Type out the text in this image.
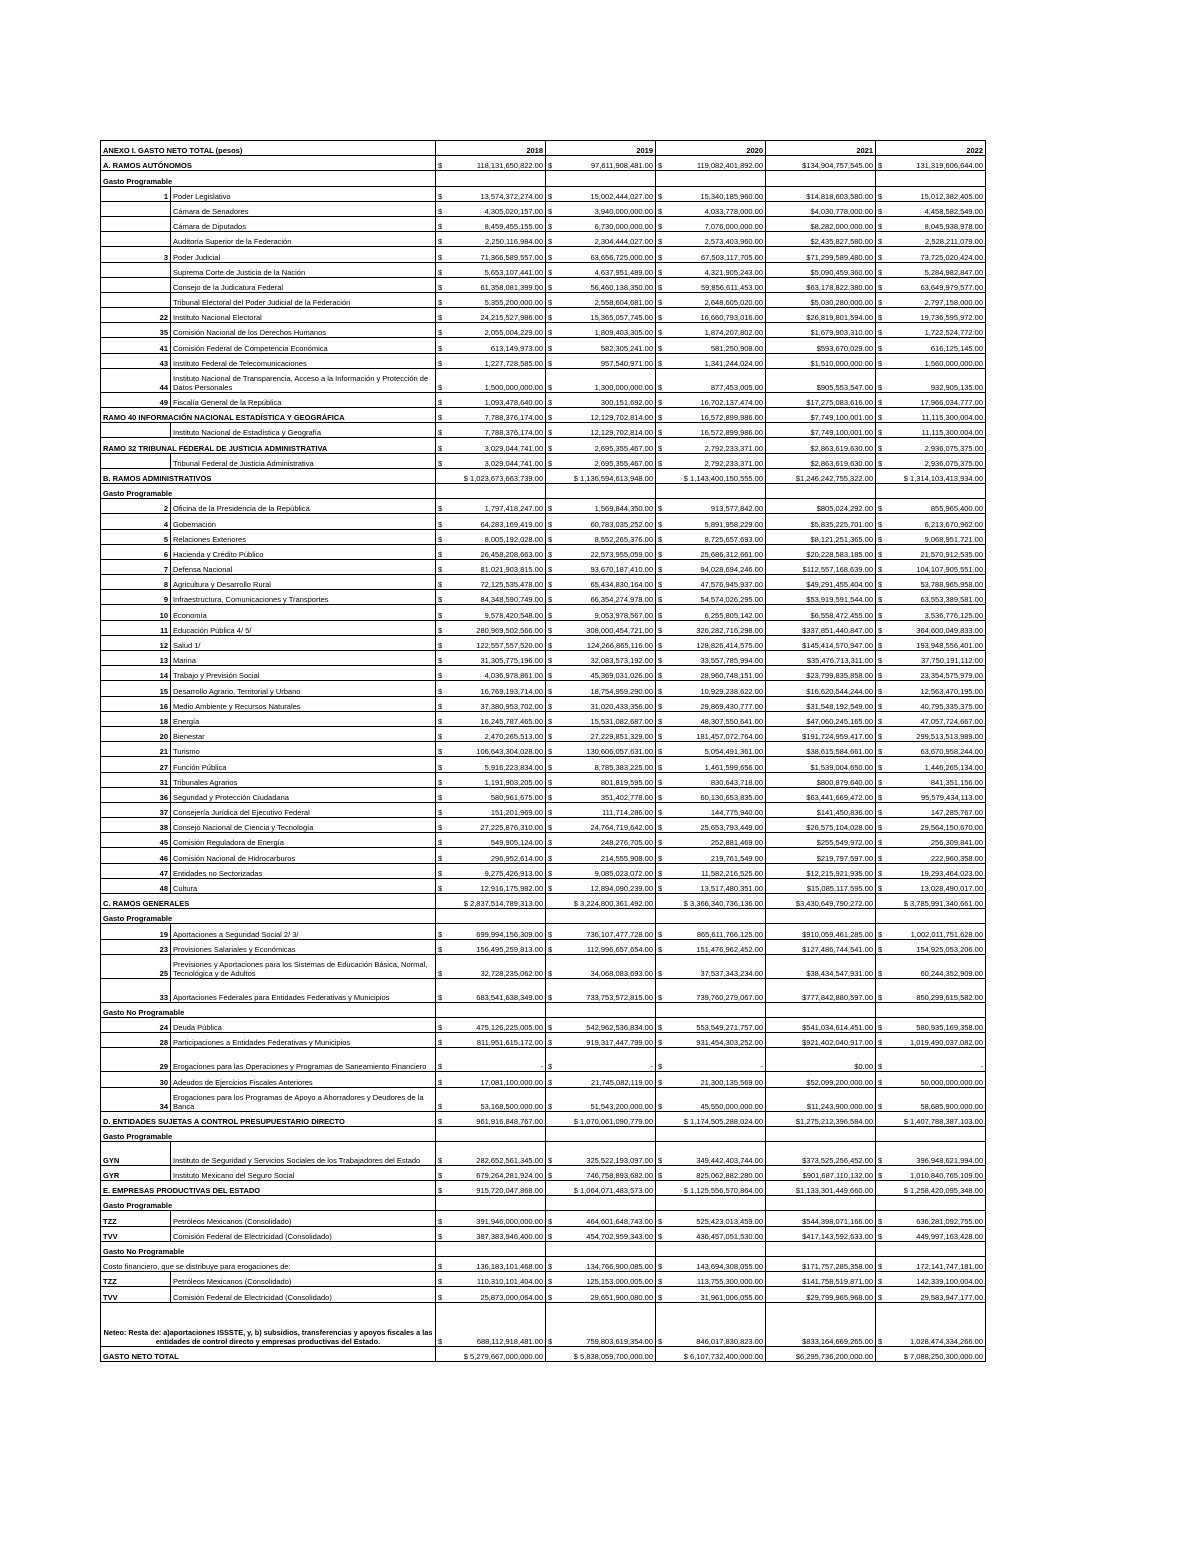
ANEXO I. GASTO NETO TOTAL (pesos)		2018	2019	2020	2021	2022
A. RAMOS AUTÓNOMOS		$ 118,131,650,822.00	$ 97,611,908,481.00	$ 119,082,401,892.00	$134,904,757,545.00	$ 131,319,606,644.00

Gasto Programable						
1	Poder Legislativo	$ 13,574,372,274.00	$ 15,002,444,027.00	$ 15,340,185,960.00	$14,818,603,580.00	$ 15,012,382,405.00

	Cámara de Senadores	$ 4,305,020,157.00	$ 3,940,000,000.00	$ 4,033,778,000.00	$4,030,778,000.00	$ 4,458,582,549.00

	Cámara de Diputados	$ 8,459,455,155.00	$ 6,730,000,000.00	$ 7,076,000,000.00	$8,282,000,000.00	$ 8,045,938,978.00

	Auditoría Superior de la Federación	$ 2,250,116,984.00	$ 2,304,444,027.00	$ 2,573,403,960.00	$2,435,827,580.00	$ 2,528,211,079.00

3	Poder Judicial	$ 71,366,589,557.00	$ 63,656,725,000.00	$ 67,503,117,705.00	$71,299,589,480.00	$ 73,725,020,424.00

	Suprema Corte de Justicia de la Nación	$ 5,653,107,441.00	$ 4,637,951,489.00	$ 4,321,905,243.00	$5,090,459,360.00	$ 5,284,982,847.00

	Consejo de la Judicatura Federal	$ 61,358,081,399.00	$ 56,460,138,350.00	$ 59,856,611,453.00	$63,178,822,380.00	$ 63,649,979,577.00

	Tribunal Electoral del Poder Judicial de la Federación	$ 5,355,200,000.00	$ 2,558,604,681.00	$ 2,648,605,020.00	$5,030,280,000.00	$ 2,797,158,000.00

22	Instituto Nacional Electoral	$ 24,215,527,986.00	$ 15,365,057,745.00	$ 16,660,793,016.00	$26,819,801,594.00	$ 19,736,595,972.00

35	Comisión Nacional de los Derechos Humanos	$ 2,055,004,229.00	$ 1,809,403,305.00	$ 1,874,207,802.00	$1,679,903,310.00	$ 1,722,524,772.00

41	Comisión Federal de Competencia Económica	$ 613,149,973.00	$ 582,305,241.00	$ 581,250,908.00	$593,670,029.00	$ 616,125,145.00

43	Instituto Federal de Telecomunicaciones	$ 1,227,728,585.00	$ 957,540,971.00	$ 1,341,244,024.00	$1,510,000,000.00	$ 1,560,000,000.00

44	Instituto Nacional de Transparencia, Acceso a la Información y Protección de Datos Personales	$ 1,500,000,000.00	$ 1,300,000,000.00	$ 877,453,005.00	$905,553,547.00	$ 932,905,135.00

49	Fiscalía General de la República	$ 1,093,478,640.00	$ 300,151,692.00	$ 16,702,137,474.00	$17,275,083,616.00	$ 17,966,034,777.00

RAMO 40 INFORMACIÓN NACIONAL ESTADÍSTICA Y GEOGRÁFICA		$ 7,788,376,174.00	$ 12,129,702,814.00	$ 16,572,899,986.00	$7,749,100,001.00	$ 11,115,300,004.00

	Instituto Nacional de Estadística y Geografía	$ 7,788,376,174.00	$ 12,129,702,814.00	$ 16,572,899,986.00	$7,749,100,001.00	$ 11,115,300,004.00

RAMO 32 TRIBUNAL FEDERAL DE JUSTICIA ADMINISTRATIVA		$ 3,029,044,741.00	$ 2,695,355,467.00	$ 2,792,233,371.00	$2,863,619,630.00	$ 2,936,075,375.00

	Tribunal Federal de Justicia Administrativa	$ 3,029,044,741.00	$ 2,695,355,467.00	$ 2,792,233,371.00	$2,863,619,630.00	$ 2,936,075,375.00

B. RAMOS ADMINISTRATIVOS		$ 1,023,673,663,739.00	$ 1,136,594,613,948.00	$ 1,143,400,150,555.00	$1,246,242,755,322.00	$ 1,314,103,413,934.00

Gasto Programable						
2	Oficina de la Presidencia de la República	$ 1,797,418,247.00	$ 1,569,844,350.00	$ 913,577,842.00	$805,024,292.00	$ 855,965,400.00

4	Gobernación	$ 64,283,169,419.00	$ 60,783,035,252.00	$ 5,891,958,229.00	$5,835,225,701.00	$ 6,213,670,962.00

5	Relaciones Exteriores	$ 8,005,192,028.00	$ 8,552,265,376.00	$ 8,725,657,693.00	$8,121,251,365.00	$ 9,068,951,721.00

6	Hacienda y Crédito Público	$ 26,458,208,663.00	$ 22,573,955,059.00	$ 25,686,312,661.00	$20,228,583,185.00	$ 21,570,912,535.00

7	Defensa Nacional	$ 81,021,903,815.00	$ 93,670,187,410.00	$ 94,028,694,246.00	$112,557,168,639.00	$ 104,107,905,551.00

8	Agricultura y Desarrollo Rural	$ 72,125,535,478.00	$ 65,434,830,164.00	$ 47,576,945,937.00	$49,291,455,404.00	$ 53,788,965,958.00

9	Infraestructura, Comunicaciones y Transportes	$ 84,348,590,749.00	$ 66,354,274,978.00	$ 54,574,026,295.00	$53,919,591,544.00	$ 63,553,389,581.00

10	Economía	$ 9,578,420,548.00	$ 9,053,978,567.00	$ 6,255,805,142.00	$6,558,472,455.00	$ 3,536,776,125.00

11	Educación Pública 4/ 5/	$ 280,969,502,566.00	$ 308,000,454,721.00	$ 326,282,716,298.00	$337,851,440,847.00	$ 364,600,049,833.00

12	Salud 1/	$ 122,557,557,520.00	$ 124,266,865,116.00	$ 128,826,414,575.00	$145,414,570,947.00	$ 193,948,556,401.00

13	Marina	$ 31,305,775,196.00	$ 32,083,573,192.00	$ 33,557,785,994.00	$35,476,713,311.00	$ 37,750,191,112.00

14	Trabajo y Previsión Social	$ 4,036,978,861.00	$ 45,369,031,026.00	$ 28,960,748,151.00	$23,799,835,858.00	$ 23,354,575,979.00

15	Desarrollo Agrario, Territorial y Urbano	$ 16,769,193,714.00	$ 18,754,959,290.00	$ 10,929,238,622.00	$16,620,544,244.00	$ 12,563,470,195.00

16	Medio Ambiente y Recursos Naturales	$ 37,380,953,702.00	$ 31,020,433,356.00	$ 29,869,430,777.00	$31,548,192,549.00	$ 40,795,335,375.00

18	Energía	$ 16,245,787,465.00	$ 15,531,082,687.00	$ 48,307,550,641.00	$47,060,245,165.00	$ 47,057,724,667.00

20	Bienestar	$ 2,470,265,513.00	$ 27,229,851,329.00	$ 181,457,072,764.00	$191,724,959,417.00	$ 299,513,513,989.00

21	Turismo	$ 106,643,304,028.00	$ 130,606,057,631.00	$ 5,054,491,361.00	$38,615,584,661.00	$ 63,670,958,244.00

27	Función Pública	$ 5,916,223,834.00	$ 8,785,383,225.00	$ 1,461,599,656.00	$1,539,004,650.00	$ 1,446,265,134.00

31	Tribunales Agrarios	$ 1,191,903,205.00	$ 801,819,595.00	$ 830,643,718.00	$800,879,640.00	$ 841,351,156.00

36	Seguridad y Protección Ciudadana	$ 580,961,675.00	$ 351,402,778.00	$ 60,130,653,835.00	$63,441,669,472.00	$ 95,579,434,113.00

37	Consejería Jurídica del Ejecutivo Federal	$ 151,201,969.00	$ 111,714,286.00	$ 144,775,940.00	$141,450,836.00	$ 147,285,767.00

38	Consejo Nacional de Ciencia y Tecnología	$ 27,225,876,310.00	$ 24,764,719,642.00	$ 25,653,793,449.00	$26,575,104,028.00	$ 29,564,150,670.00

45	Comisión Reguladora de Energía	$ 549,905,124.00	$ 248,276,705.00	$ 252,881,469.00	$255,549,972.00	$ 256,309,841.00

46	Comisión Nacional de Hidrocarburos	$ 296,952,614.00	$ 214,555,908.00	$ 219,761,549.00	$219,797,597.00	$ 222,960,358.00

47	Entidades no Sectorizadas	$ 9,275,426,913.00	$ 9,085,023,072.00	$ 11,582,216,525.00	$12,215,921,935.00	$ 19,293,464,023.00

48	Cultura	$ 12,916,175,982.00	$ 12,894,090,239.00	$ 13,517,480,351.00	$15,085,117,595.00	$ 13,028,490,017.00

C. RAMOS GENERALES		$ 2,837,514,789,313.00	$ 3,224,800,361,492.00	$ 3,366,340,736,136.00	$3,430,649,790,272.00	$ 3,785,991,340,661.00

Gasto Programable						
19	Aportaciones a Seguridad Social 2/ 3/	$ 699,994,156,309.00	$ 736,107,477,728.00	$ 865,611,766,125.00	$910,059,461,285.00	$ 1,002,011,751,628.00

23	Provisiones Salariales y Económicas	$ 156,495,259,813.00	$ 112,996,657,654.00	$ 151,476,962,452.00	$127,486,744,541.00	$ 154,925,053,206.00

25	Previsiones y Aportaciones para los Sistemas de Educación Básica, Normal, Tecnológica y de Adultos	$ 32,728,235,062.00	$ 34,068,083,693.00	$ 37,537,343,234.00	$38,434,547,931.00	$ 60,244,352,909.00

33	Aportaciones Federales para Entidades Federativas y Municipios	$ 683,541,638,349.00	$ 733,753,572,815.00	$ 739,760,279,067.00	$777,842,880,597.00	$ 850,299,615,582.00

Gasto No Programable						
24	Deuda Pública	$ 475,126,225,005.00	$ 542,962,536,834.00	$ 553,549,271,757.00	$541,034,614,451.00	$ 580,935,169,358.00

28	Participaciones a Entidades Federativas y Municipios	$ 811,951,615,172.00	$ 919,317,447,799.00	$ 931,454,303,252.00	$921,402,040,917.00	$ 1,019,490,037,082.00

29	Erogaciones para las Operaciones y Programas de Saneamiento Financiero	$ -	$ -	$ -	$0.00	$ -

30	Adeudos de Ejercicios Fiscales Anteriores	$ 17,081,100,000.00	$ 21,745,082,119.00	$ 21,300,135,569.00	$52,099,200,000.00	$ 50,000,000,000.00

34	Erogaciones para los Programas de Apoyo a Ahorradores y Deudores de la Banca	$ 53,168,500,000.00	$ 51,543,200,000.00	$ 45,550,000,000.00	$11,243,900,000.00	$ 58,685,900,000.00

D. ENTIDADES SUJETAS A CONTROL PRESUPUESTARIO DIRECTO		$ 961,916,848,767.00	$ 1,070,061,090,779.00	$ 1,174,505,288,024.00	$1,275,212,396,584.00	$ 1,407,788,387,103.00

Gasto Programable						
GYN	Instituto de Seguridad y Servicios Sociales de los Trabajadores del Estado	$ 282,652,561,345.00	$ 325,522,193,097.00	$ 349,442,403,744.00	$373,525,256,452.00	$ 396,948,621,994.00

GYR	Instituto Mexicano del Seguro Social	$ 679,264,281,924.00	$ 746,758,893,682.00	$ 825,062,882,280.00	$901,687,110,132.00	$ 1,010,840,765,109.00

E. EMPRESAS PRODUCTIVAS DEL ESTADO		$ 915,720,047,868.00	$ 1,064,071,483,573.00	$ 1,125,556,570,864.00	$1,133,301,449,660.00	$ 1,258,420,095,348.00

Gasto Programable						
TZZ	Petróleos Mexicanos (Consolidado)	$ 391,946,000,000.00	$ 464,601,648,743.00	$ 525,423,013,459.00	$544,398,071,166.00	$ 636,281,092,755.00

TVV	Comisión Federal de Electricidad (Consolidado)	$ 387,383,946,400.00	$ 454,702,959,343.00	$ 436,457,051,530.00	$417,143,592,633.00	$ 449,997,163,428.00

Gasto No Programable						
Costo financiero, que se distribuye para erogaciones de:		$ 136,183,101,468.00	$ 134,766,900,085.00	$ 143,694,308,055.00	$171,757,285,358.00	$ 172,141,747,181.00

TZZ	Petróleos Mexicanos (Consolidado)	$ 110,310,101,404.00	$ 125,153,000,005.00	$ 113,755,300,000.00	$141,758,519,871.00	$ 142,339,100,004.00

TVV	Comisión Federal de Electricidad (Consolidado)	$ 25,873,000,064.00	$ 29,651,900,080.00	$ 31,961,006,055.00	$29,799,965,968.00	$ 29,583,947,177.00

Neteo: Resta de: a)aportaciones ISSSTE, y, b) subsidios, transferencias y apoyos fiscales a las entidades de control directo y empresas productivas del Estado.		$ 688,112,918,481.00	$ 759,803,619,354.00	$ 846,017,830,823.00	$833,164,669,265.00	$ 1,028,474,334,266.00

GASTO NETO TOTAL		$ 5,279,667,000,000.00	$ 5,838,059,700,000.00	$ 6,107,732,400,000.00	$6,295,736,200,000.00	$ 7,088,250,300,000.00
